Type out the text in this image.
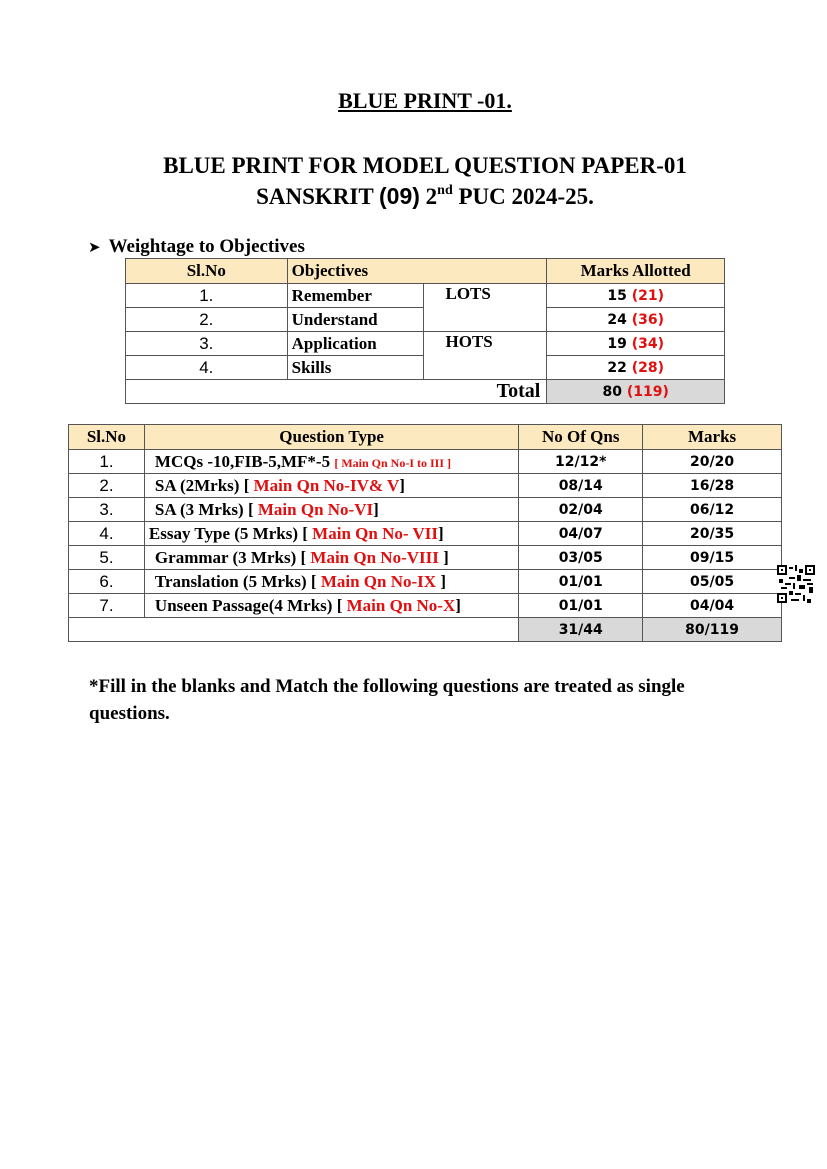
BLUE PRINT -01.
BLUE PRINT FOR MODEL QUESTION PAPER-01
SANSKRIT (09) 2nd PUC 2024-25.
➤ Weightage to Objectives
Sl.No	Objectives		Marks Allotted
1.	Remember	LOTS	15 (21)
2.	Understand		24 (36)
3.	Application	HOTS	19 (34)
4.	Skills		22 (28)
Total			80 (119)
Sl.No	Question Type	No Of Qns	Marks
1.	MCQs -10,FIB-5,MF*-5 [ Main Qn No-I to III ]	12/12*	20/20
2.	SA (2Mrks) [ Main Qn No-IV& V]	08/14	16/28
3.	SA (3 Mrks) [ Main Qn No-VI]	02/04	06/12
4.	Essay Type (5 Mrks) [ Main Qn No- VII]	04/07	20/35
5.	Grammar (3 Mrks) [ Main Qn No-VIII ]	03/05	09/15
6.	Translation (5 Mrks) [ Main Qn No-IX ]	01/01	05/05
7.	Unseen Passage(4 Mrks) [ Main Qn No-X]	01/01	04/04
		31/44	80/119
*Fill in the blanks and Match the following questions are treated as single questions.
